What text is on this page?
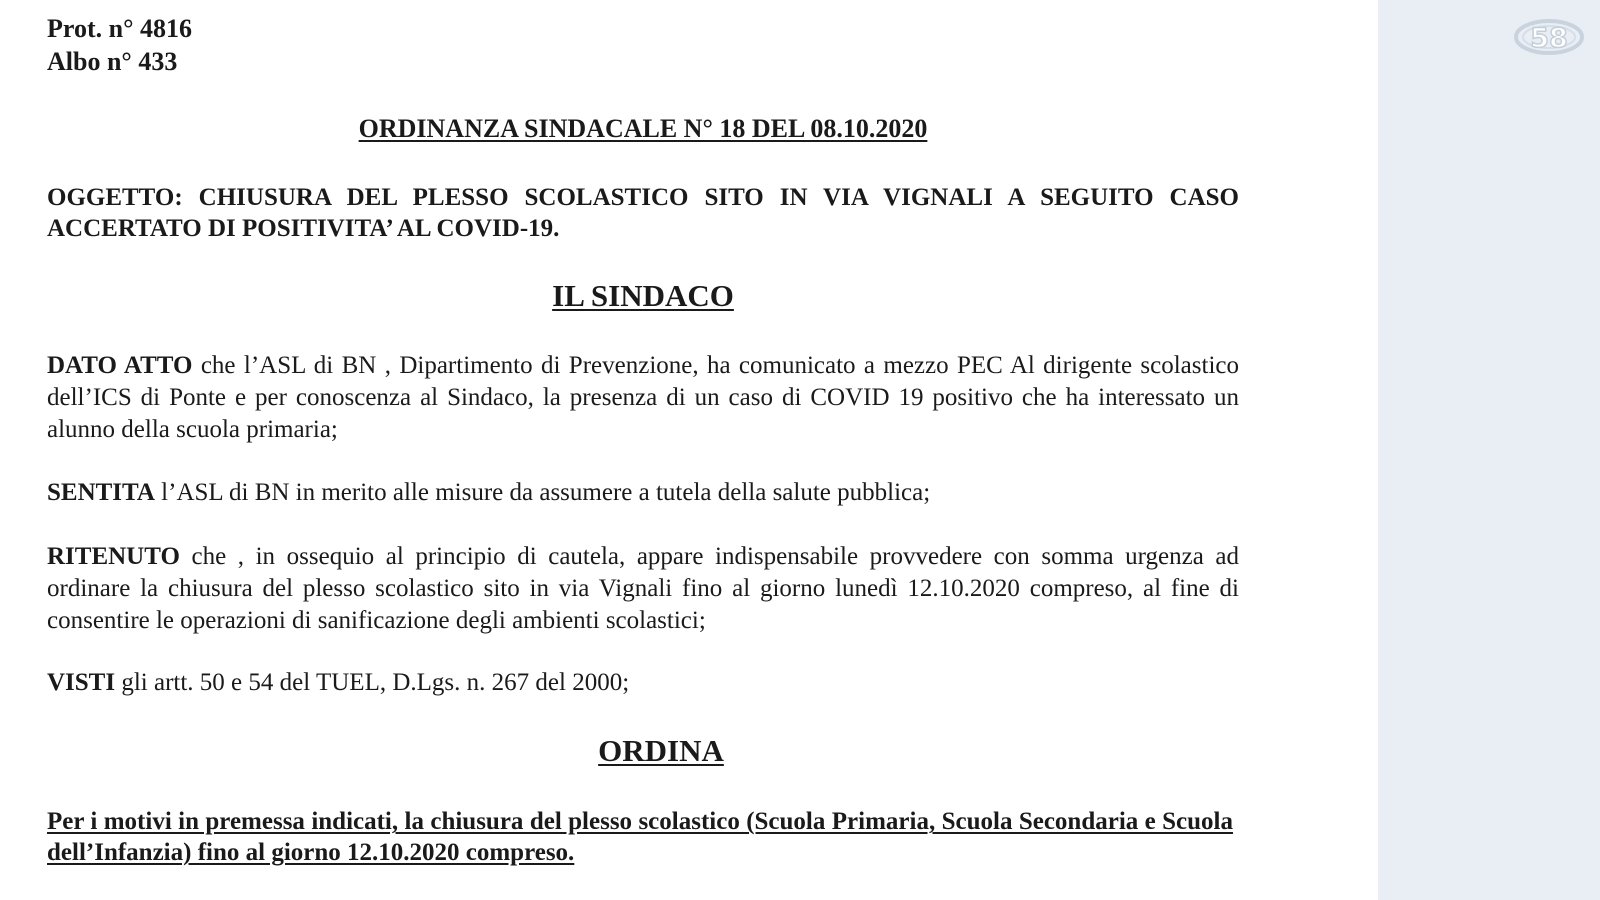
Prot. n° 4816
Albo n° 433
ORDINANZA SINDACALE N° 18 DEL 08.10.2020
OGGETTO: CHIUSURA DEL PLESSO SCOLASTICO SITO IN VIA VIGNALI A SEGUITO CASO ACCERTATO DI POSITIVITA’ AL COVID-19.
IL SINDACO
DATO ATTO che l’ASL di BN , Dipartimento di Prevenzione, ha comunicato a mezzo PEC Al dirigente scolastico dell’ICS di Ponte e per conoscenza al Sindaco, la presenza di un caso di COVID 19 positivo che ha interessato un alunno della scuola primaria;
SENTITA l’ASL di BN in merito alle misure da assumere a tutela della salute pubblica;
RITENUTO che , in ossequio al principio di cautela, appare indispensabile provvedere con somma urgenza ad ordinare la chiusura del plesso scolastico sito in via Vignali fino al giorno lunedì 12.10.2020 compreso, al fine di consentire le operazioni di sanificazione degli ambienti scolastici;
VISTI gli artt. 50 e 54 del TUEL, D.Lgs. n. 267 del 2000;
ORDINA
Per i motivi in premessa indicati, la chiusura del plesso scolastico (Scuola Primaria, Scuola Secondaria e Scuola dell’Infanzia) fino al giorno 12.10.2020 compreso.
58
